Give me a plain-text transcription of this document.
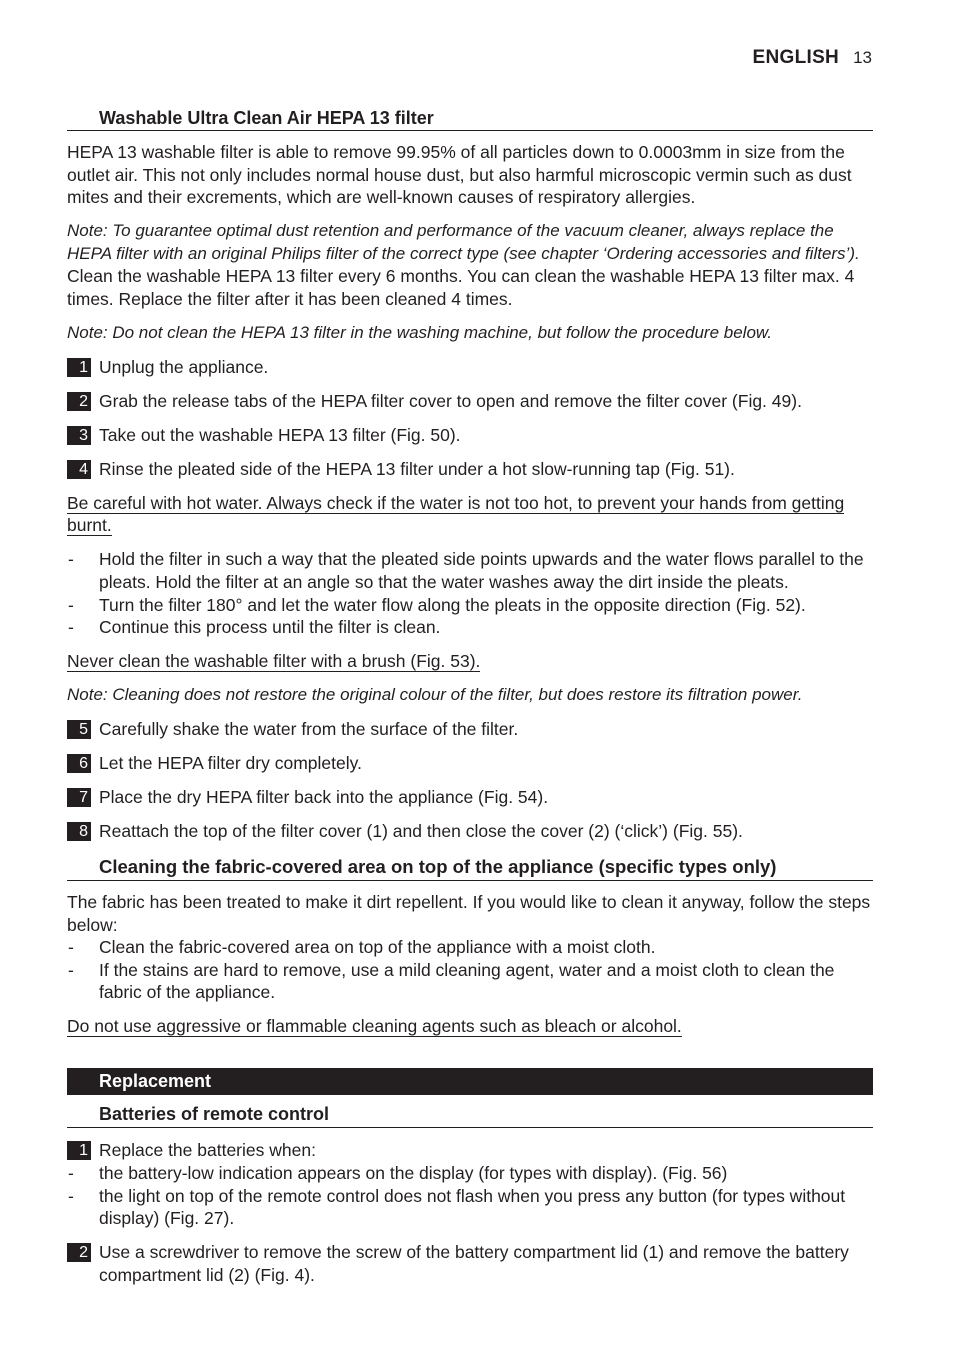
ENGLISH 13
Washable Ultra Clean Air HEPA 13 filter

HEPA 13 washable filter is able to remove 99.95% of all particles down to 0.0003mm in size from the outlet air. This not only includes normal house dust, but also harmful microscopic vermin such as dust mites and their excrements, which are well-known causes of respiratory allergies.

Note: To guarantee optimal dust retention and performance of the vacuum cleaner, always replace the HEPA filter with an original Philips filter of the correct type (see chapter ‘Ordering accessories and filters’).

Clean the washable HEPA 13 filter every 6 months. You can clean the washable HEPA 13 filter max. 4 times. Replace the filter after it has been cleaned 4 times.

Note: Do not clean the HEPA 13 filter in the washing machine, but follow the procedure below.

1 Unplug the appliance.
2 Grab the release tabs of the HEPA filter cover to open and remove the filter cover (Fig. 49).
3 Take out the washable HEPA 13 filter (Fig. 50).
4 Rinse the pleated side of the HEPA 13 filter under a hot slow-running tap (Fig. 51).
Be careful with hot water. Always check if the water is not too hot, to prevent your hands from getting burnt.
- Hold the filter in such a way that the pleated side points upwards and the water flows parallel to the pleats. Hold the filter at an angle so that the water washes away the dirt inside the pleats.
- Turn the filter 180° and let the water flow along the pleats in the opposite direction (Fig. 52).
- Continue this process until the filter is clean.
Never clean the washable filter with a brush (Fig. 53).

Note: Cleaning does not restore the original colour of the filter, but does restore its filtration power.

5 Carefully shake the water from the surface of the filter.
6 Let the HEPA filter dry completely.
7 Place the dry HEPA filter back into the appliance (Fig. 54).
8 Reattach the top of the filter cover (1) and then close the cover (2) (‘click’) (Fig. 55).
Cleaning the fabric-covered area on top of the appliance (specific types only)

The fabric has been treated to make it dirt repellent. If you would like to clean it anyway, follow the steps below:

- Clean the fabric-covered area on top of the appliance with a moist cloth.
- If the stains are hard to remove, use a mild cleaning agent, water and a moist cloth to clean the fabric of the appliance.
Do not use aggressive or flammable cleaning agents such as bleach or alcohol.
Replacement
Batteries of remote control
1 Replace the batteries when:
- the battery-low indication appears on the display (for types with display). (Fig. 56)
- the light on top of the remote control does not flash when you press any button (for types without display) (Fig. 27).
2 Use a screwdriver to remove the screw of the battery compartment lid (1) and remove the battery compartment lid (2) (Fig. 4).
